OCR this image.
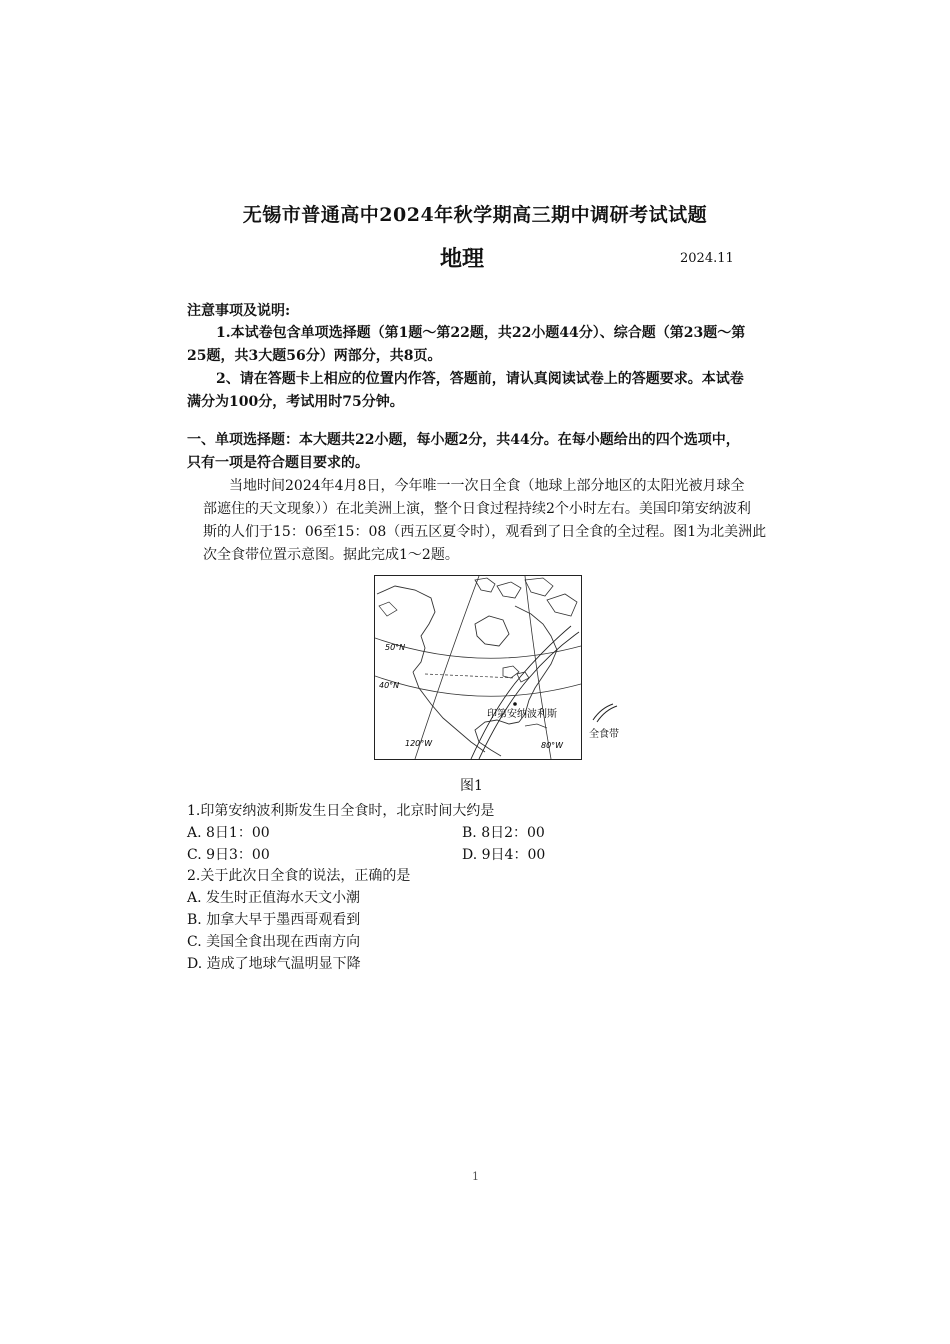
无锡市普通高中2024年秋学期高三期中调研考试试题
地理	2024.11
注意事项及说明:
1.本试卷包含单项选择题（第1题～第22题，共22小题44分）、综合题（第23题～第
25题，共3大题56分）两部分，共8页。
2、请在答题卡上相应的位置内作答，答题前，请认真阅读试卷上的答题要求。本试卷
满分为100分，考试用时75分钟。
一、单项选择题：本大题共22小题，每小题2分，共44分。在每小题给出的四个选项中，
只有一项是符合题目要求的。
当地时间2024年4月8日，今年唯一一次日全食（地球上部分地区的太阳光被月球全
部遮住的天文现象））在北美洲上演，整个日食过程持续2个小时左右。美国印第安纳波利
斯的人们于15：06至15：08（西五区夏令时），观看到了日全食的全过程。图1为北美洲此
次全食带位置示意图。据此完成1～2题。
50°N
40°N
120°W	80°W
印第安纳波利斯
全食带
图1
1.印第安纳波利斯发生日全食时，北京时间大约是
A. 8日1：00	B. 8日2：00
C. 9日3：00	D. 9日4：00
2.关于此次日全食的说法，正确的是
A. 发生时正值海水天文小潮
B. 加拿大早于墨西哥观看到
C. 美国全食出现在西南方向
D. 造成了地球气温明显下降
1
